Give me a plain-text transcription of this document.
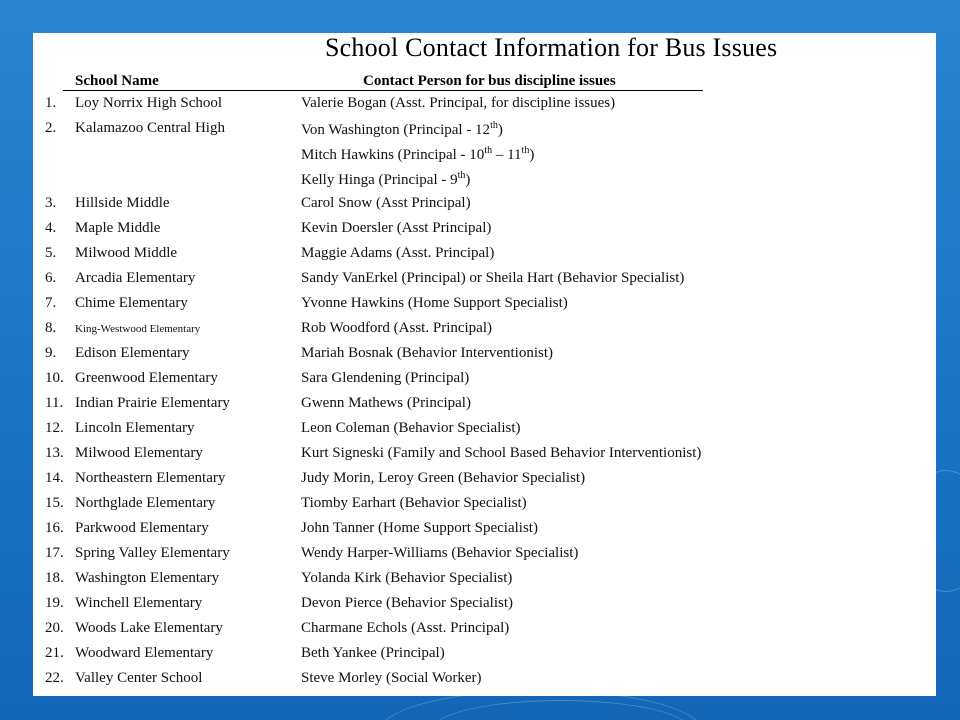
School Contact Information for Bus Issues
School Name	Contact Person for bus discipline issues
1. Loy Norrix High School	Valerie Bogan (Asst. Principal, for discipline issues)
2. Kalamazoo Central High	Von Washington (Principal - 12th)
Mitch Hawkins (Principal - 10th – 11th)
Kelly Hinga (Principal - 9th)
3. Hillside Middle	Carol Snow (Asst Principal)
4. Maple Middle	Kevin Doersler (Asst Principal)
5. Milwood Middle	Maggie Adams (Asst. Principal)
6. Arcadia Elementary	Sandy VanErkel (Principal) or Sheila Hart (Behavior Specialist)
7. Chime Elementary	Yvonne Hawkins (Home Support Specialist)
8. King-Westwood Elementary	Rob Woodford (Asst. Principal)
9. Edison Elementary	Mariah Bosnak (Behavior Interventionist)
10. Greenwood Elementary	Sara Glendening (Principal)
11. Indian Prairie Elementary	Gwenn Mathews (Principal)
12. Lincoln Elementary	Leon Coleman (Behavior Specialist)
13. Milwood Elementary	Kurt Signeski (Family and School Based Behavior Interventionist)
14. Northeastern Elementary	Judy Morin, Leroy Green (Behavior Specialist)
15. Northglade Elementary	Tiomby Earhart (Behavior Specialist)
16. Parkwood Elementary	John Tanner (Home Support Specialist)
17. Spring Valley Elementary	Wendy Harper-Williams (Behavior Specialist)
18. Washington Elementary	Yolanda Kirk (Behavior Specialist)
19. Winchell Elementary	Devon Pierce (Behavior Specialist)
20. Woods Lake Elementary	Charmane Echols (Asst. Principal)
21. Woodward Elementary	Beth Yankee (Principal)
22. Valley Center School	Steve Morley (Social Worker)
